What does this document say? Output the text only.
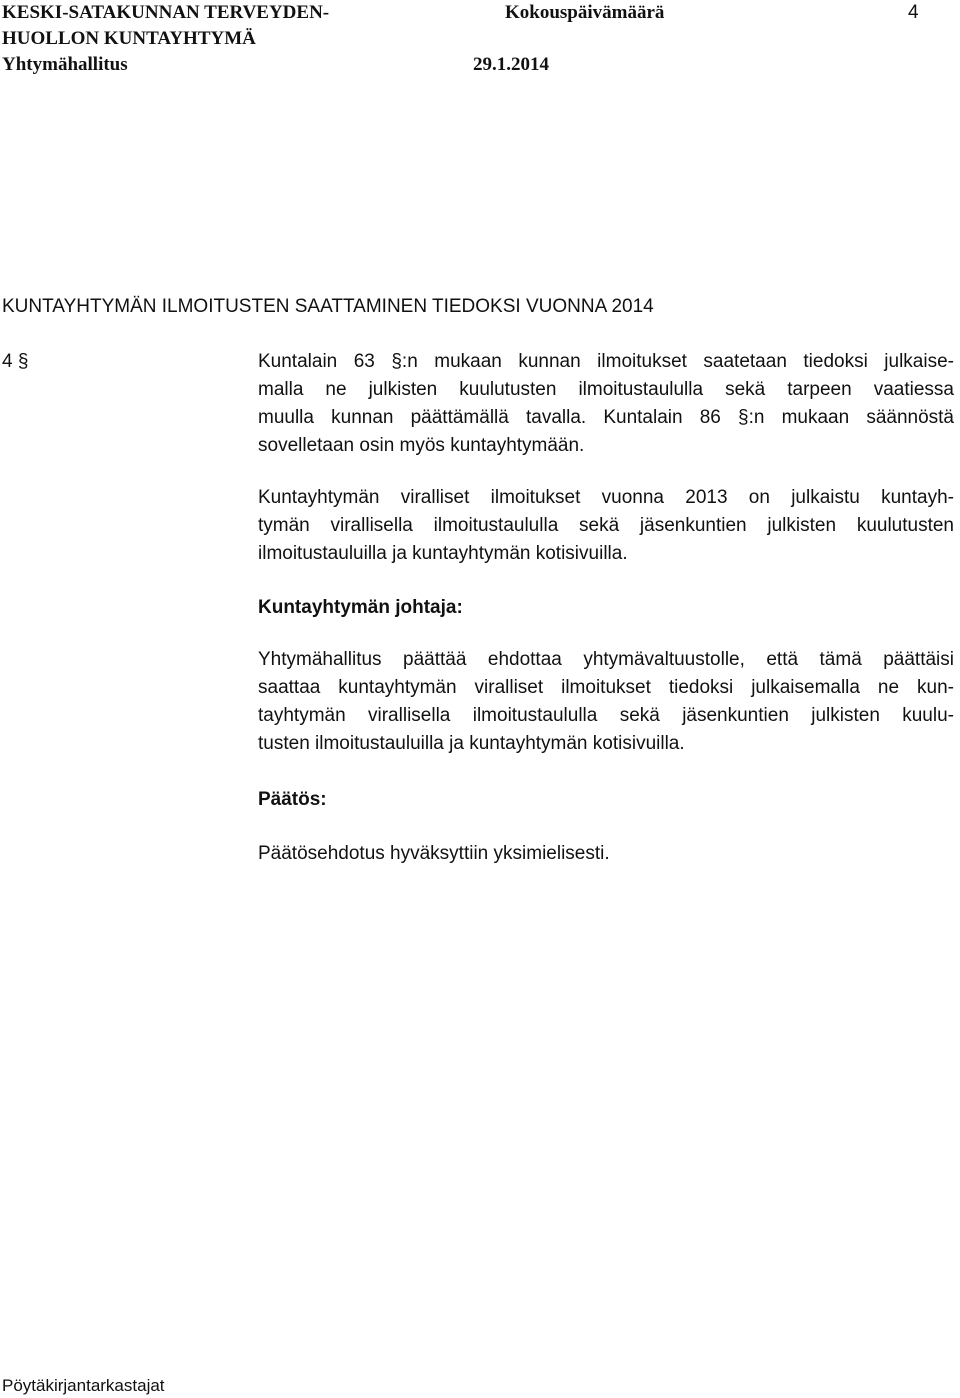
KESKI-SATAKUNNAN TERVEYDEN-
HUOLLON KUNTAYHTYMÄ
Yhtymähallitus
Kokouspäivämäärä
29.1.2014
4
KUNTAYHTYMÄN ILMOITUSTEN SAATTAMINEN TIEDOKSI VUONNA 2014
4 §	Kuntalain 63 §:n mukaan kunnan ilmoitukset saatetaan tiedoksi julkaise-
malla ne julkisten kuulutusten ilmoitustaululla sekä tarpeen vaatiessa
muulla kunnan päättämällä tavalla. Kuntalain 86 §:n mukaan säännöstä
sovelletaan osin myös kuntayhtymään.
Kuntayhtymän viralliset ilmoitukset vuonna 2013 on julkaistu kuntayh-
tymän virallisella ilmoitustaululla sekä jäsenkuntien julkisten kuulutusten
ilmoitustauluilla ja kuntayhtymän kotisivuilla.
Kuntayhtymän johtaja:
Yhtymähallitus päättää ehdottaa yhtymävaltuustolle, että tämä päättäisi
saattaa kuntayhtymän viralliset ilmoitukset tiedoksi julkaisemalla ne kun-
tayhtymän virallisella ilmoitustaululla sekä jäsenkuntien julkisten kuulu-
tusten ilmoitustauluilla ja kuntayhtymän kotisivuilla.
Päätös:
Päätösehdotus hyväksyttiin yksimielisesti.
Pöytäkirjantarkastajat
